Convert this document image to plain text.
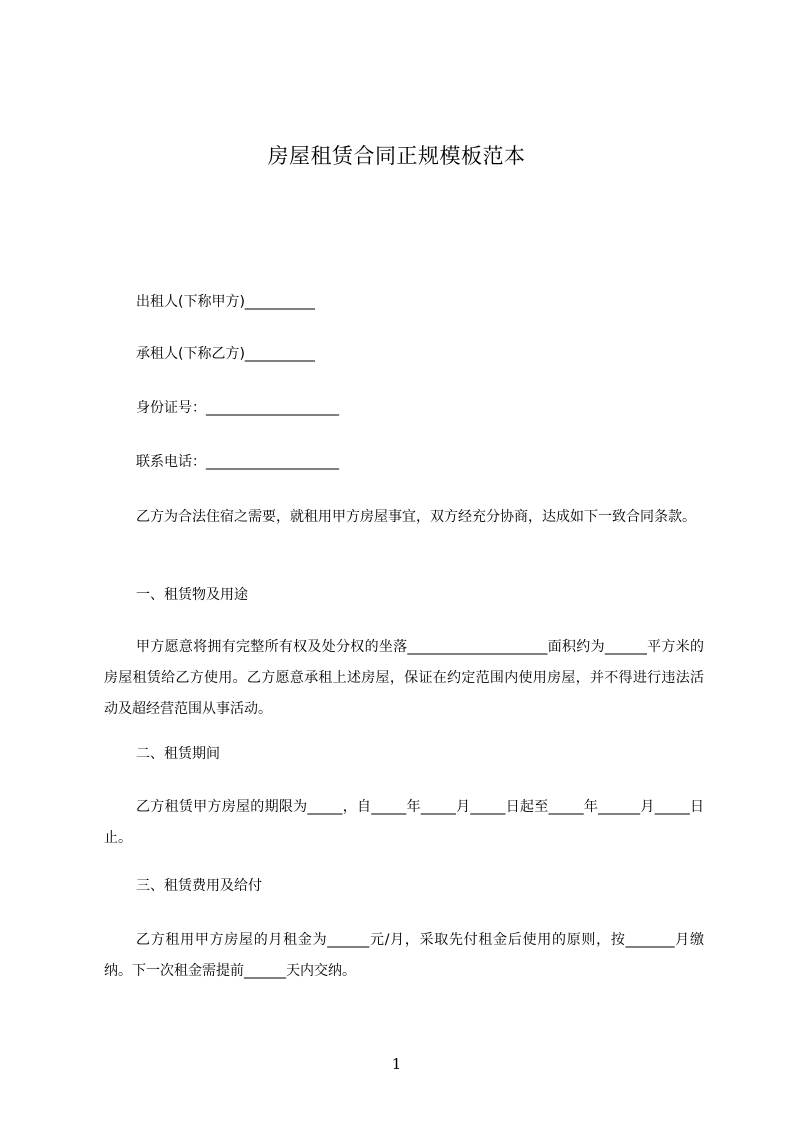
房屋租赁合同正规模板范本
出租人(下称甲方)__________
承租人(下称乙方)__________
身份证号：___________________
联系电话：___________________
乙方为合法住宿之需要，就租用甲方房屋事宜，双方经充分协商，达成如下一致合同条款。
一、租赁物及用途
甲方愿意将拥有完整所有权及处分权的坐落____________________面积约为______平方米的房屋租赁给乙方使用。乙方愿意承租上述房屋，保证在约定范围内使用房屋，并不得进行违法活动及超经营范围从事活动。
二、租赁期间
乙方租赁甲方房屋的期限为_____，自_____年_____月_____日起至_____年______月_____日止。
三、租赁费用及给付
乙方租用甲方房屋的月租金为______元/月，采取先付租金后使用的原则，按_______月缴纳。下一次租金需提前______天内交纳。
1
